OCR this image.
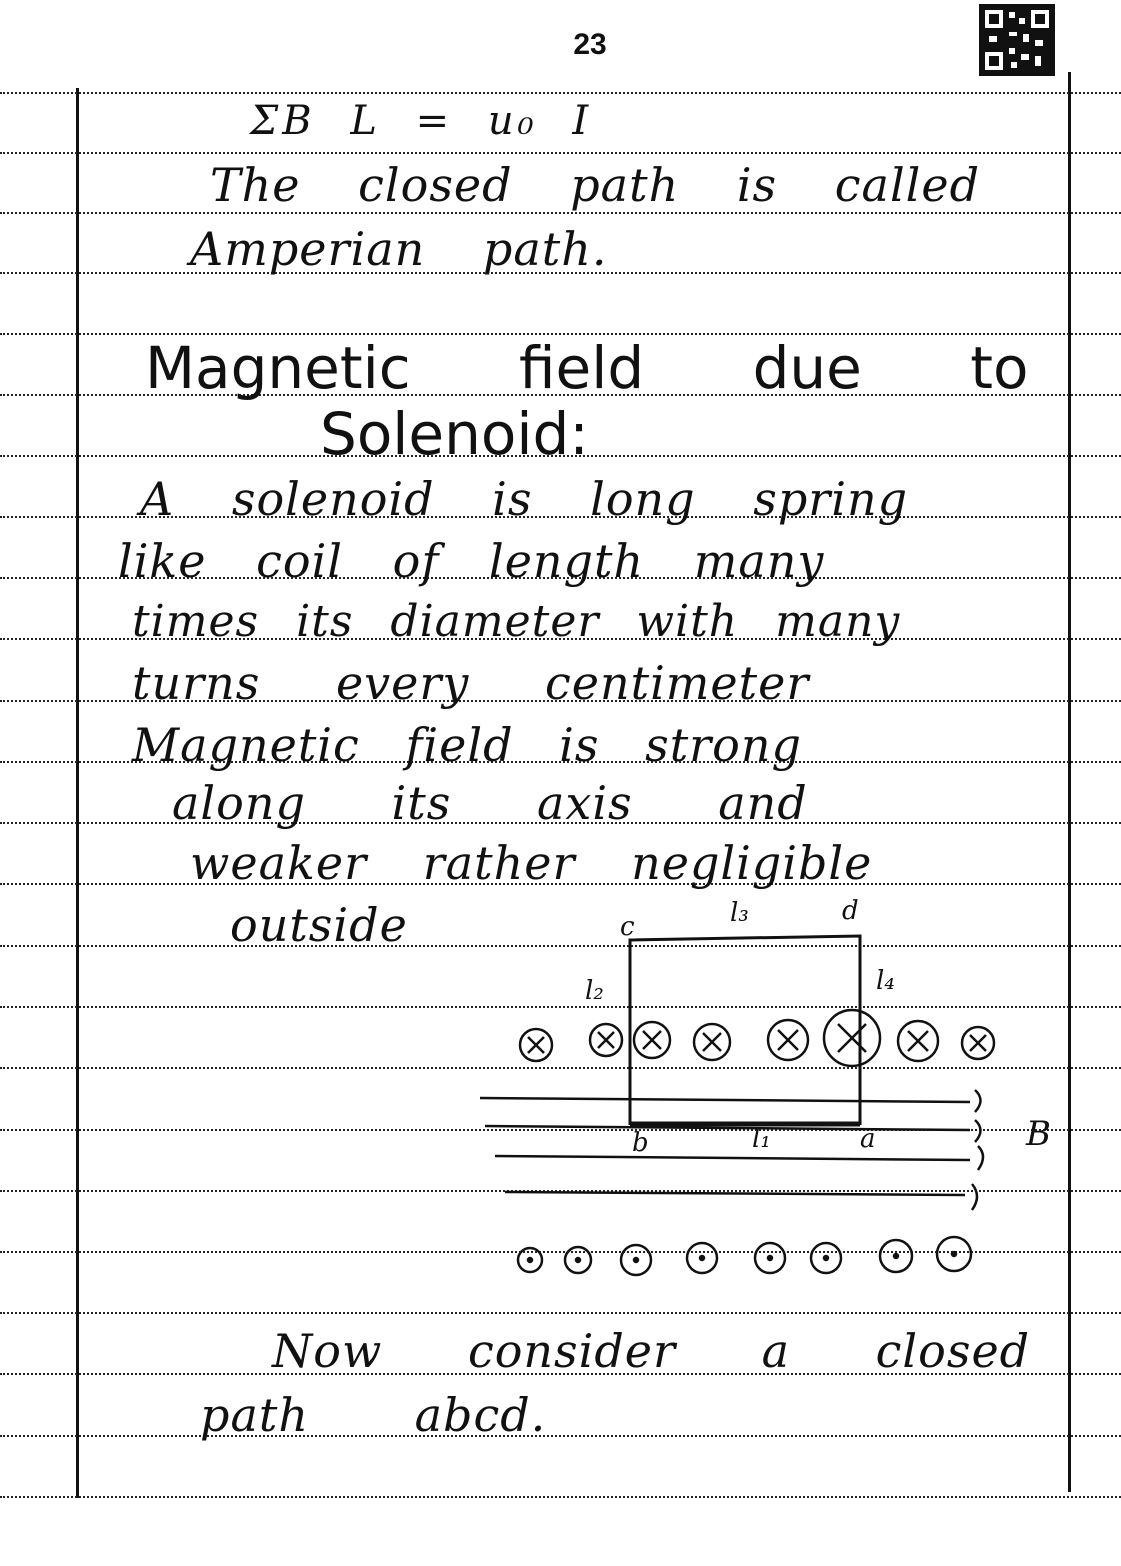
23
ΣB L = u₀ I
The closed path is called
Amperian path.
Magnetic field due to
Solenoid:
A solenoid is long spring
like coil of length many
times its diameter with many
turns every centimeter
Magnetic field is strong
along its axis and
weaker rather negligible
outside	c	l₃	d
l₂	l₄
b	l₁	a	B
Now consider a closed
path abcd.
